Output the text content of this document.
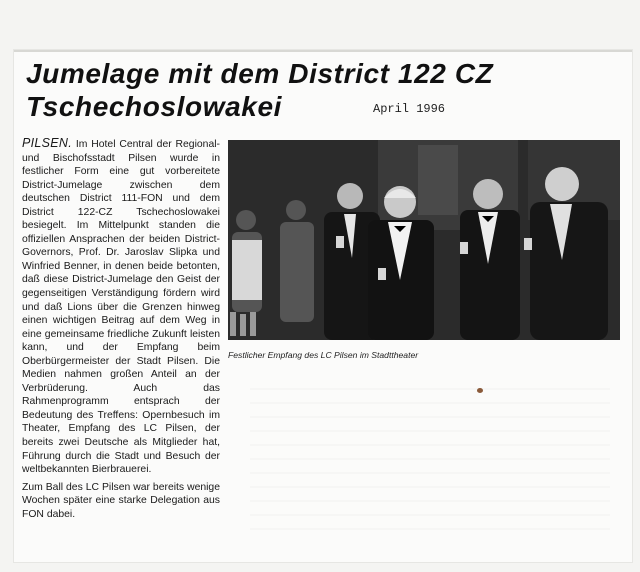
Jumelage mit dem District 122 CZ
Tschechoslowakei	April 1996

PILSEN. Im Hotel Central der Regional- und Bischofsstadt Pilsen wurde in festlicher Form eine gut vorbereitete District-Jumelage zwischen dem deutschen District 111-FON und dem District 122-CZ Tschechoslowakei besiegelt. Im Mittelpunkt standen die offiziellen Ansprachen der beiden District-Governors, Prof. Dr. Jaroslav Slipka und Winfried Benner, in denen beide betonten, daß diese District-Jumelage den Geist der gegenseitigen Verständigung fördern wird und daß Lions über die Grenzen hinweg einen wichtigen Beitrag auf dem Weg in eine gemeinsame friedliche Zukunft leisten kann, und der Empfang beim Oberbürgermeister der Stadt Pilsen. Die Medien nahmen großen Anteil an der Verbrüderung. Auch das Rahmenprogramm entsprach der Bedeutung des Treffens: Opernbesuch im Theater, Empfang des LC Pilsen, der bereits zwei Deutsche als Mitglieder hat, Führung durch die Stadt und Besuch der weltbekannten Bierbrauerei.

Zum Ball des LC Pilsen war bereits wenige Wochen später eine starke Delegation aus FON dabei.

Festlicher Empfang des LC Pilsen im Stadttheater
